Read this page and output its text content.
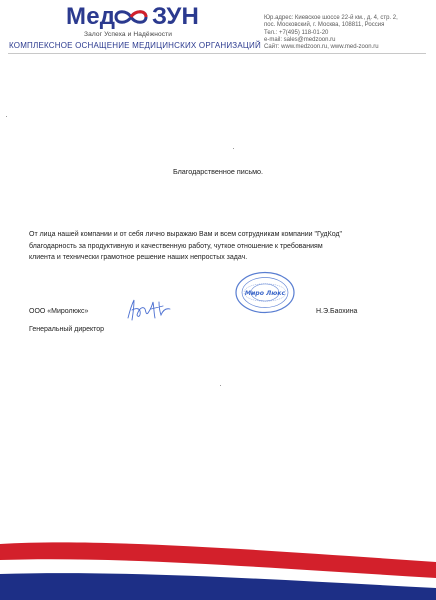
Мед ЗУН
Залог Успеха и Надёжности
КОМПЛЕКСНОЕ ОСНАЩЕНИЕ МЕДИЦИНСКИХ ОРГАНИЗАЦИЙ
Юр.адрес: Киевское шоссе 22-й км., д. 4, стр. 2,
пос. Московский, г. Москва, 108811, Россия
Тел.: +7(495) 118-01-20
e-mail: sales@medzoon.ru
Сайт: www.medzoon.ru, www.med-zoon.ru
Благодарственное письмо.
От лица нашей компании и от себя лично выражаю Вам и всем сотрудникам компании "ГудКод"
благодарность за продуктивную и качественную работу, чуткое отношение к требованиям
клиента и технически грамотное решение наших непростых задач.
ООО «Миролюкс»
Генеральный директор
Н.Э.Баохина
Миро Люкс
